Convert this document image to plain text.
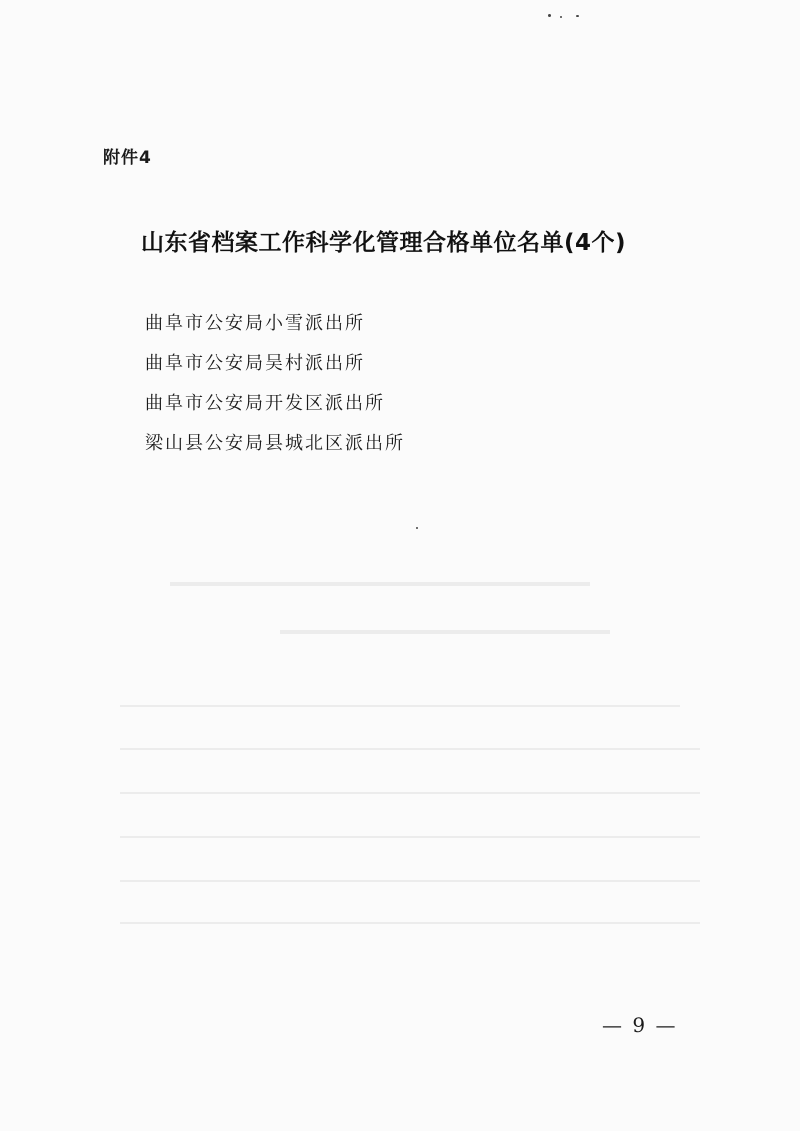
附件4
山东省档案工作科学化管理合格单位名单(4个)
曲阜市公安局小雪派出所
曲阜市公安局吴村派出所
曲阜市公安局开发区派出所
梁山县公安局县城北区派出所
— 9 —
